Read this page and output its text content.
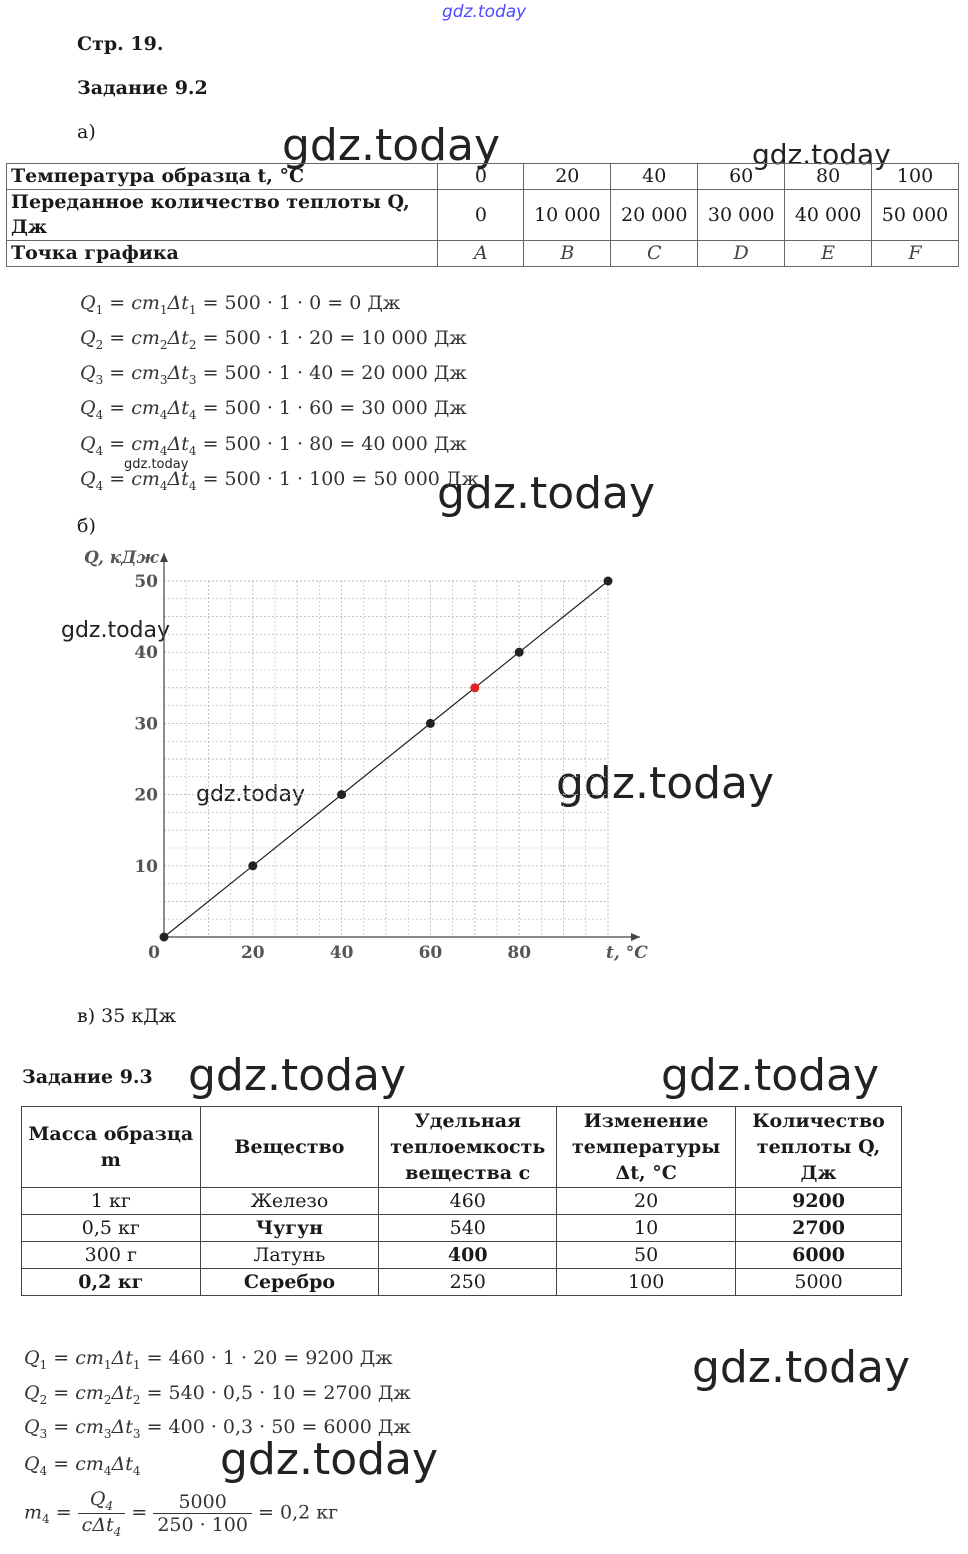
gdz.today
gdz.today	gdz.today
gdz.today
gdz.today
gdz.today
gdz.today	gdz.today
gdz.today	gdz.today
gdz.today
gdz.today
Стр. 19.
Задание 9.2
а)
Температура образца t, °C	0	20	40	60	80	100
Переданное количество теплоты Q, Дж	0	10 000	20 000	30 000	40 000	50 000
Точка графика	A	B	C	D	E	F
$Q_1 = cm_1\Delta t_1 = 500 \cdot 1 \cdot 0 = 0$ Дж
$Q_2 = cm_2\Delta t_2 = 500 \cdot 1 \cdot 20 = 10$ 000 Дж
$Q_3 = cm_3\Delta t_3 = 500 \cdot 1 \cdot 40 = 20$ 000 Дж
$Q_4 = cm_4\Delta t_4 = 500 \cdot 1 \cdot 60 = 30$ 000 Дж
$Q_4 = cm_4\Delta t_4 = 500 \cdot 1 \cdot 80 = 40$ 000 Дж
$Q_4 = cm_4\Delta t_4 = 500 \cdot 1 \cdot 100 = 50$ 000 Дж
б)
0	20	40	60	80
10
20
30
40
50
Q, кДж
t, °C
в) 35 кДж
Задание 9.3
Масса образца m	Вещество	Удельная теплоемкость вещества c	Изменение температуры Δt, °C	Количество теплоты Q, Дж
1 кг	Железо	460	20	9200
0,5 кг	Чугун	540	10	2700
300 г	Латунь	400	50	6000
0,2 кг	Серебро	250	100	5000
$Q_1 = cm_1\Delta t_1 = 460 \cdot 1 \cdot 20 = 9200$ Дж
$Q_2 = cm_2\Delta t_2 = 540 \cdot 0,5 \cdot 10 = 2700$ Дж
$Q_3 = cm_3\Delta t_3 = 400 \cdot 0,3 \cdot 50 = 6000$ Дж
$Q_4 = cm_4\Delta t_4$
$m_4 = \frac{Q_4}{c\Delta t_4} = \frac{5000}{250 \cdot 100} = 0,2$ кг
